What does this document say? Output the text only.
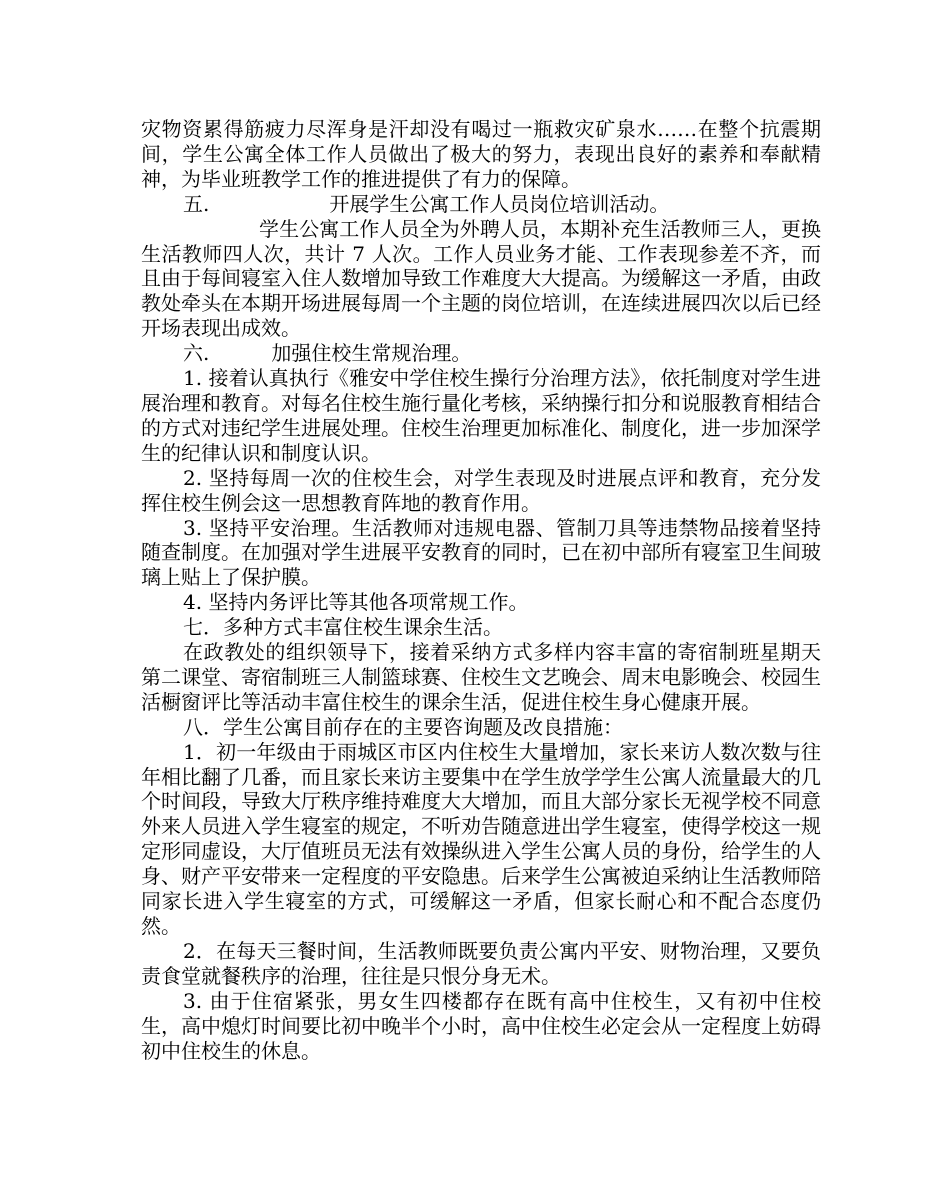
灾物资累得筋疲力尽浑身是汗却没有喝过一瓶救灾矿泉水……在整个抗震期间，学生公寓全体工作人员做出了极大的努力，表现出良好的素养和奉献精神，为毕业班教学工作的推进提供了有力的保障。

五.	开展学生公寓工作人员岗位培训活动。

学生公寓工作人员全为外聘人员，本期补充生活教师三人，更换生活教师四人次，共计 7 人次。工作人员业务才能、工作表现参差不齐，而且由于每间寝室入住人数增加导致工作难度大大提高。为缓解这一矛盾，由政教处牵头在本期开场进展每周一个主题的岗位培训，在连续进展四次以后已经开场表现出成效。

六.	加强住校生常规治理。

1. 接着认真执行《雅安中学住校生操行分治理方法》，依托制度对学生进展治理和教育。对每名住校生施行量化考核，采纳操行扣分和说服教育相结合的方式对违纪学生进展处理。住校生治理更加标准化、制度化，进一步加深学生的纪律认识和制度认识。

2. 坚持每周一次的住校生会，对学生表现及时进展点评和教育，充分发挥住校生例会这一思想教育阵地的教育作用。

3. 坚持平安治理。生活教师对违规电器、管制刀具等违禁物品接着坚持随查制度。在加强对学生进展平安教育的同时，已在初中部所有寝室卫生间玻璃上贴上了保护膜。

4. 坚持内务评比等其他各项常规工作。

七．多种方式丰富住校生课余生活。

在政教处的组织领导下，接着采纳方式多样内容丰富的寄宿制班星期天第二课堂、寄宿制班三人制篮球赛、住校生文艺晚会、周末电影晚会、校园生活橱窗评比等活动丰富住校生的课余生活，促进住校生身心健康开展。

八．学生公寓目前存在的主要咨询题及改良措施：

1．初一年级由于雨城区市区内住校生大量增加，家长来访人数次数与往年相比翻了几番，而且家长来访主要集中在学生放学学生公寓人流量最大的几个时间段，导致大厅秩序维持难度大大增加，而且大部分家长无视学校不同意外来人员进入学生寝室的规定，不听劝告随意进出学生寝室，使得学校这一规定形同虚设，大厅值班员无法有效操纵进入学生公寓人员的身份，给学生的人身、财产平安带来一定程度的平安隐患。后来学生公寓被迫采纳让生活教师陪同家长进入学生寝室的方式，可缓解这一矛盾，但家长耐心和不配合态度仍然。

2．在每天三餐时间，生活教师既要负责公寓内平安、财物治理，又要负责食堂就餐秩序的治理，往往是只恨分身无术。

3. 由于住宿紧张，男女生四楼都存在既有高中住校生，又有初中住校生，高中熄灯时间要比初中晚半个小时，高中住校生必定会从一定程度上妨碍初中住校生的休息。
